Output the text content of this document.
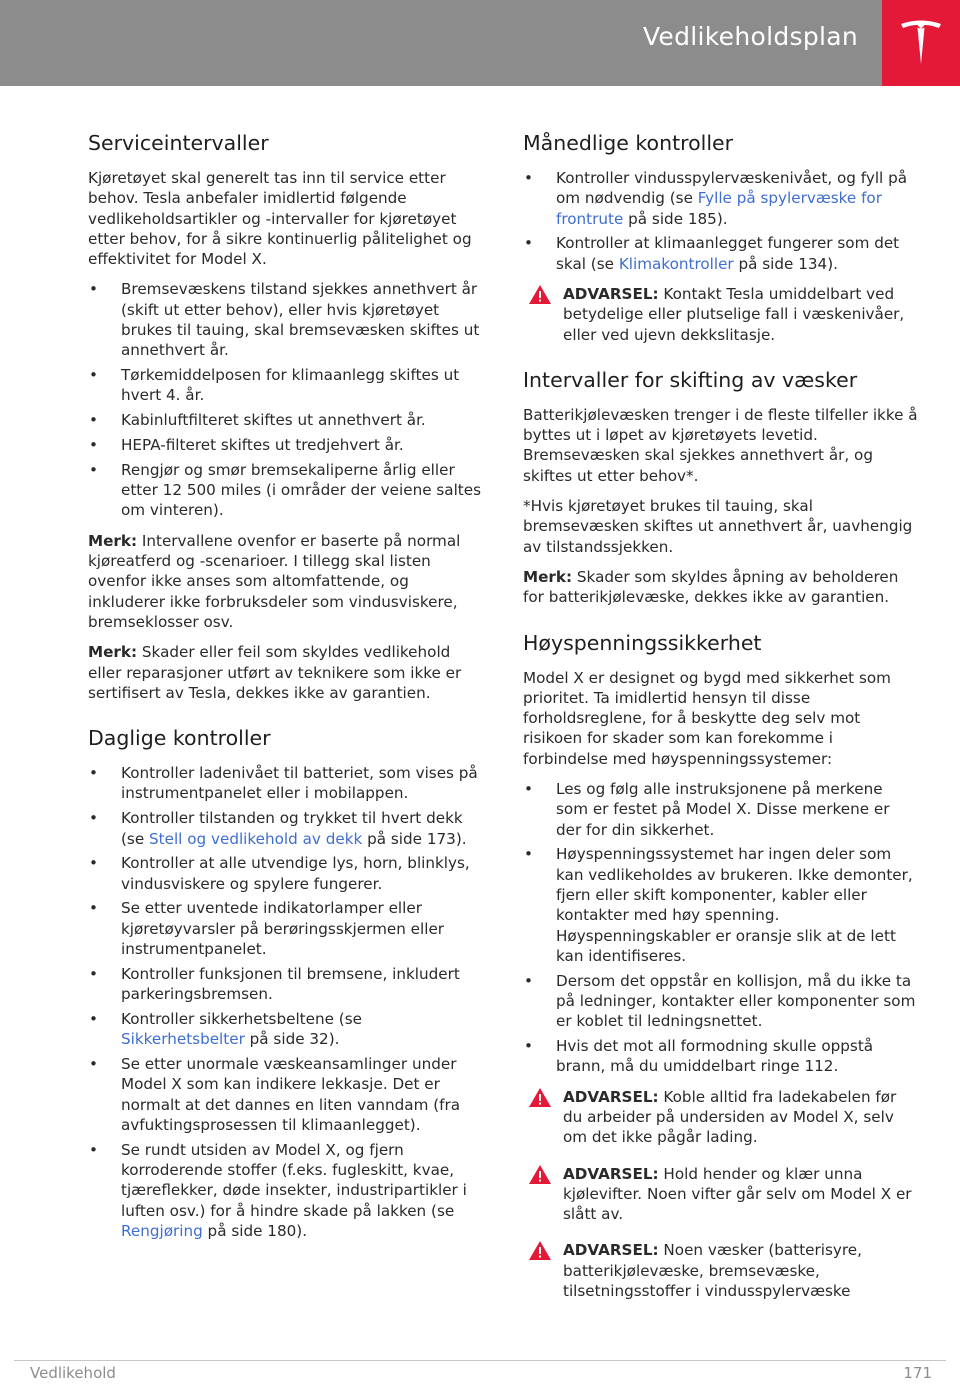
Vedlikeholdsplan
Serviceintervaller

Kjøretøyet skal generelt tas inn til service etter behov. Tesla anbefaler imidlertid følgende vedlikeholdsartikler og -intervaller for kjøretøyet etter behov, for å sikre kontinuerlig pålitelighet og effektivitet for Model X.

• Bremsevæskens tilstand sjekkes annethvert år (skift ut etter behov), eller hvis kjøretøyet brukes til tauing, skal bremsevæsken skiftes ut annethvert år.
• Tørkemiddelposen for klimaanlegg skiftes ut hvert 4. år.
• Kabinluftfilteret skiftes ut annethvert år.
• HEPA-filteret skiftes ut tredjehvert år.
• Rengjør og smør bremsekaliperne årlig eller etter 12 500 miles (i områder der veiene saltes om vinteren).

Merk: Intervallene ovenfor er baserte på normal kjøreatferd og -scenarioer. I tillegg skal listen ovenfor ikke anses som altomfattende, og inkluderer ikke forbruksdeler som vindusviskere, bremseklosser osv.

Merk: Skader eller feil som skyldes vedlikehold eller reparasjoner utført av teknikere som ikke er sertifisert av Tesla, dekkes ikke av garantien.

Daglige kontroller
• Kontroller ladenivået til batteriet, som vises på instrumentpanelet eller i mobilappen.
• Kontroller tilstanden og trykket til hvert dekk (se Stell og vedlikehold av dekk på side 173).
• Kontroller at alle utvendige lys, horn, blinklys, vindusviskere og spylere fungerer.
• Se etter uventede indikatorlamper eller kjøretøyvarsler på berøringsskjermen eller instrumentpanelet.
• Kontroller funksjonen til bremsene, inkludert parkeringsbremsen.
• Kontroller sikkerhetsbeltene (se Sikkerhetsbelter på side 32).
• Se etter unormale væskeansamlinger under Model X som kan indikere lekkasje. Det er normalt at det dannes en liten vanndam (fra avfuktingsprosessen til klimaanlegget).
• Se rundt utsiden av Model X, og fjern korroderende stoffer (f.eks. fugleskitt, kvae, tjæreflekker, døde insekter, industripartikler i luften osv.) for å hindre skade på lakken (se Rengjøring på side 180).
Månedlige kontroller
• Kontroller vindusspylervæskenivået, og fyll på om nødvendig (se Fylle på spylervæske for frontrute på side 185).
• Kontroller at klimaanlegget fungerer som det skal (se Klimakontroller på side 134).
ADVARSEL: Kontakt Tesla umiddelbart ved betydelige eller plutselige fall i væskenivåer, eller ved ujevn dekkslitasje.
Intervaller for skifting av væsker

Batterikjølevæsken trenger i de fleste tilfeller ikke å byttes ut i løpet av kjøretøyets levetid. Bremsevæsken skal sjekkes annethvert år, og skiftes ut etter behov*.

*Hvis kjøretøyet brukes til tauing, skal bremsevæsken skiftes ut annethvert år, uavhengig av tilstandssjekken.

Merk: Skader som skyldes åpning av beholderen for batterikjølevæske, dekkes ikke av garantien.

Høyspenningssikkerhet

Model X er designet og bygd med sikkerhet som prioritet. Ta imidlertid hensyn til disse forholdsreglene, for å beskytte deg selv mot risikoen for skader som kan forekomme i forbindelse med høyspenningssystemer:

• Les og følg alle instruksjonene på merkene som er festet på Model X. Disse merkene er der for din sikkerhet.
• Høyspenningssystemet har ingen deler som kan vedlikeholdes av brukeren. Ikke demonter, fjern eller skift komponenter, kabler eller kontakter med høy spenning. Høyspenningskabler er oransje slik at de lett kan identifiseres.
• Dersom det oppstår en kollisjon, må du ikke ta på ledninger, kontakter eller komponenter som er koblet til ledningsnettet.
• Hvis det mot all formodning skulle oppstå brann, må du umiddelbart ringe 112.
ADVARSEL: Koble alltid fra ladekabelen før du arbeider på undersiden av Model X, selv om det ikke pågår lading.
ADVARSEL: Hold hender og klær unna kjølevifter. Noen vifter går selv om Model X er slått av.
ADVARSEL: Noen væsker (batterisyre, batterikjølevæske, bremsevæske, tilsetningsstoffer i vindusspylervæske
Vedlikehold	171
